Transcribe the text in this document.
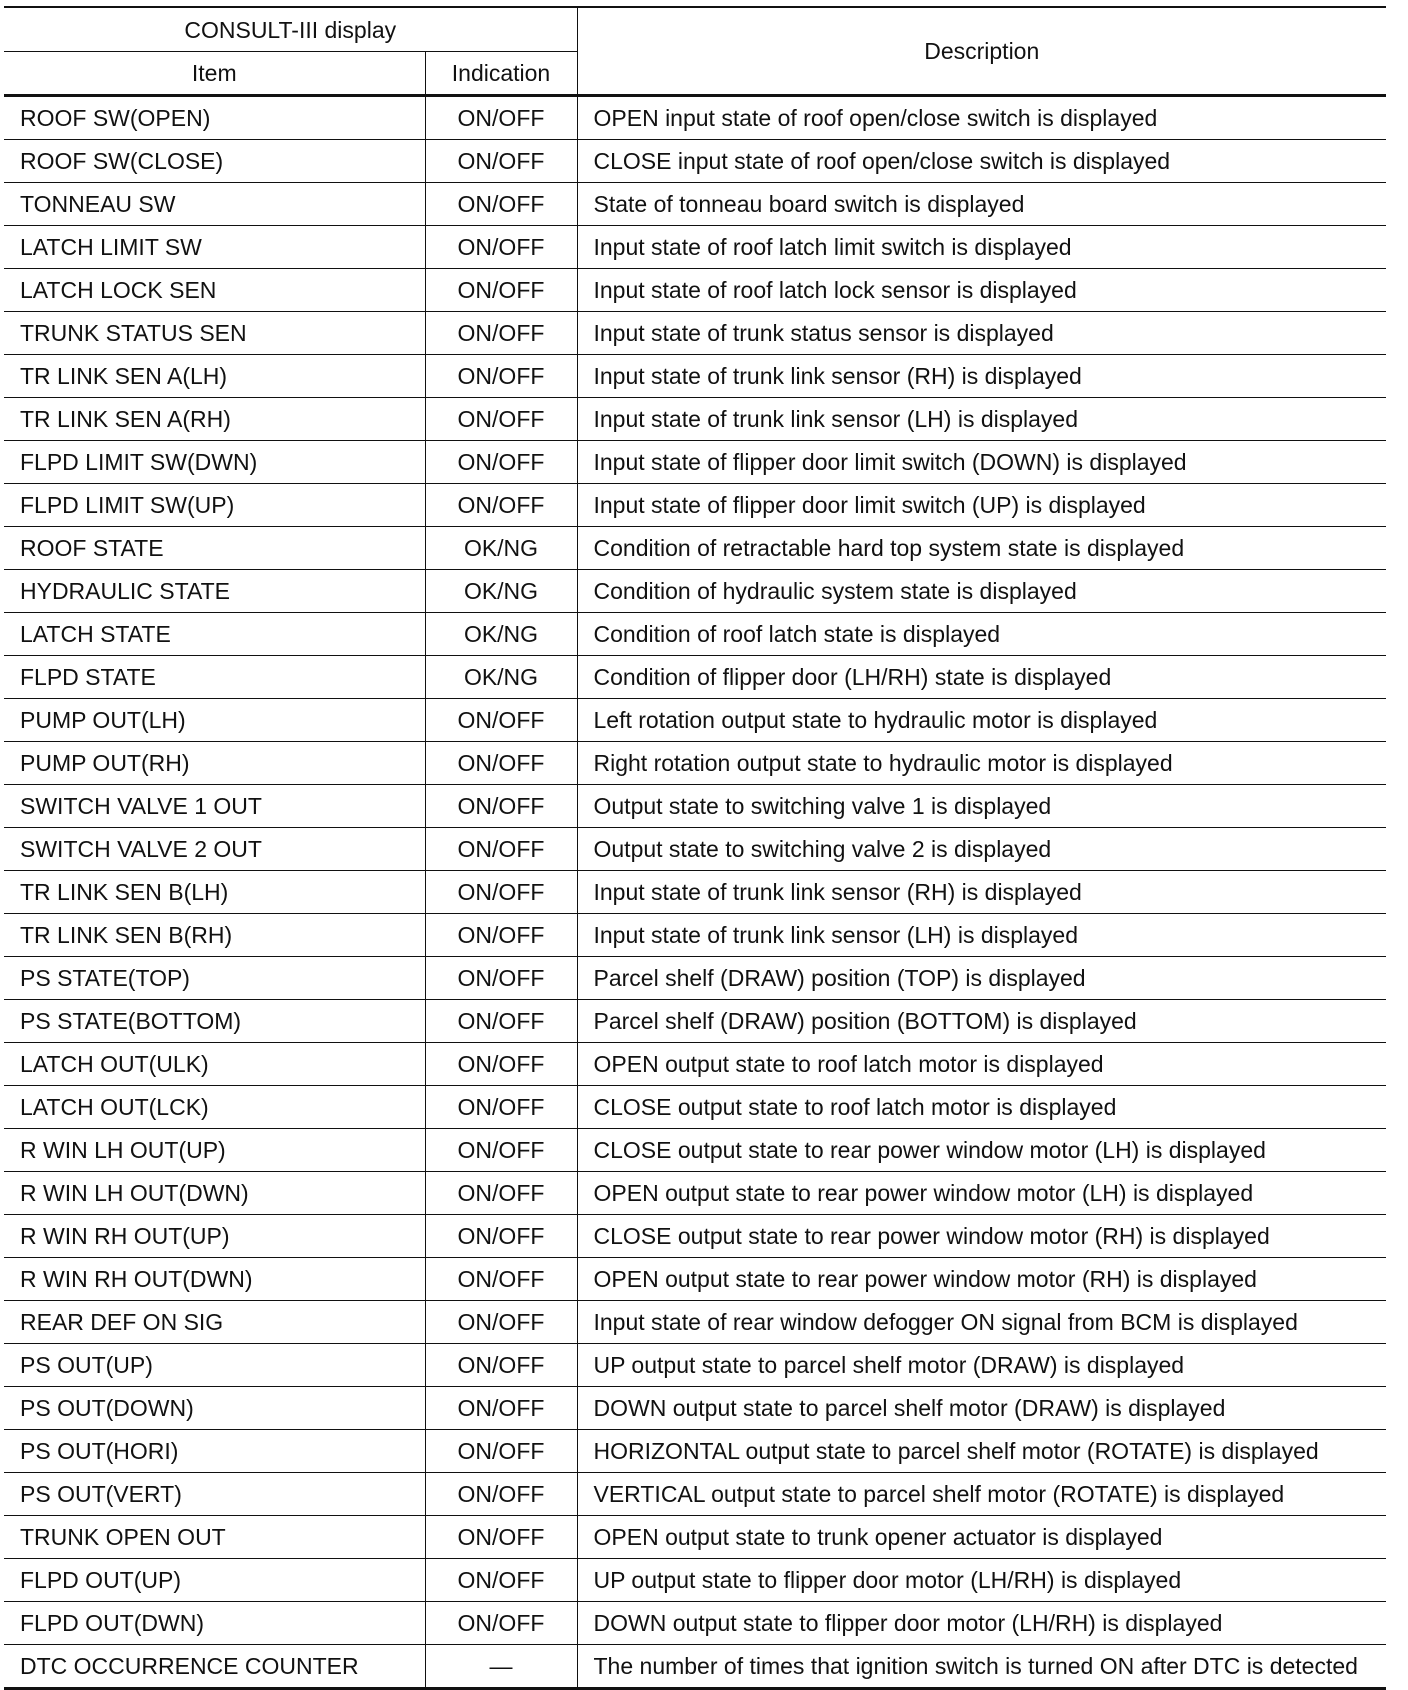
CONSULT-III display		Description
Item	Indication	
ROOF SW(OPEN)	ON/OFF	OPEN input state of roof open/close switch is displayed
ROOF SW(CLOSE)	ON/OFF	CLOSE input state of roof open/close switch is displayed
TONNEAU SW	ON/OFF	State of tonneau board switch is displayed
LATCH LIMIT SW	ON/OFF	Input state of roof latch limit switch is displayed
LATCH LOCK SEN	ON/OFF	Input state of roof latch lock sensor is displayed
TRUNK STATUS SEN	ON/OFF	Input state of trunk status sensor is displayed
TR LINK SEN A(LH)	ON/OFF	Input state of trunk link sensor (RH) is displayed
TR LINK SEN A(RH)	ON/OFF	Input state of trunk link sensor (LH) is displayed
FLPD LIMIT SW(DWN)	ON/OFF	Input state of flipper door limit switch (DOWN) is displayed
FLPD LIMIT SW(UP)	ON/OFF	Input state of flipper door limit switch (UP) is displayed
ROOF STATE	OK/NG	Condition of retractable hard top system state is displayed
HYDRAULIC STATE	OK/NG	Condition of hydraulic system state is displayed
LATCH STATE	OK/NG	Condition of roof latch state is displayed
FLPD STATE	OK/NG	Condition of flipper door (LH/RH) state is displayed
PUMP OUT(LH)	ON/OFF	Left rotation output state to hydraulic motor is displayed
PUMP OUT(RH)	ON/OFF	Right rotation output state to hydraulic motor is displayed
SWITCH VALVE 1 OUT	ON/OFF	Output state to switching valve 1 is displayed
SWITCH VALVE 2 OUT	ON/OFF	Output state to switching valve 2 is displayed
TR LINK SEN B(LH)	ON/OFF	Input state of trunk link sensor (RH) is displayed
TR LINK SEN B(RH)	ON/OFF	Input state of trunk link sensor (LH) is displayed
PS STATE(TOP)	ON/OFF	Parcel shelf (DRAW) position (TOP) is displayed
PS STATE(BOTTOM)	ON/OFF	Parcel shelf (DRAW) position (BOTTOM) is displayed
LATCH OUT(ULK)	ON/OFF	OPEN output state to roof latch motor is displayed
LATCH OUT(LCK)	ON/OFF	CLOSE output state to roof latch motor is displayed
R WIN LH OUT(UP)	ON/OFF	CLOSE output state to rear power window motor (LH) is displayed
R WIN LH OUT(DWN)	ON/OFF	OPEN output state to rear power window motor (LH) is displayed
R WIN RH OUT(UP)	ON/OFF	CLOSE output state to rear power window motor (RH) is displayed
R WIN RH OUT(DWN)	ON/OFF	OPEN output state to rear power window motor (RH) is displayed
REAR DEF ON SIG	ON/OFF	Input state of rear window defogger ON signal from BCM is displayed
PS OUT(UP)	ON/OFF	UP output state to parcel shelf motor (DRAW) is displayed
PS OUT(DOWN)	ON/OFF	DOWN output state to parcel shelf motor (DRAW) is displayed
PS OUT(HORI)	ON/OFF	HORIZONTAL output state to parcel shelf motor (ROTATE) is displayed
PS OUT(VERT)	ON/OFF	VERTICAL output state to parcel shelf motor (ROTATE) is displayed
TRUNK OPEN OUT	ON/OFF	OPEN output state to trunk opener actuator is displayed
FLPD OUT(UP)	ON/OFF	UP output state to flipper door motor (LH/RH) is displayed
FLPD OUT(DWN)	ON/OFF	DOWN output state to flipper door motor (LH/RH) is displayed
DTC OCCURRENCE COUNTER	—	The number of times that ignition switch is turned ON after DTC is detected
